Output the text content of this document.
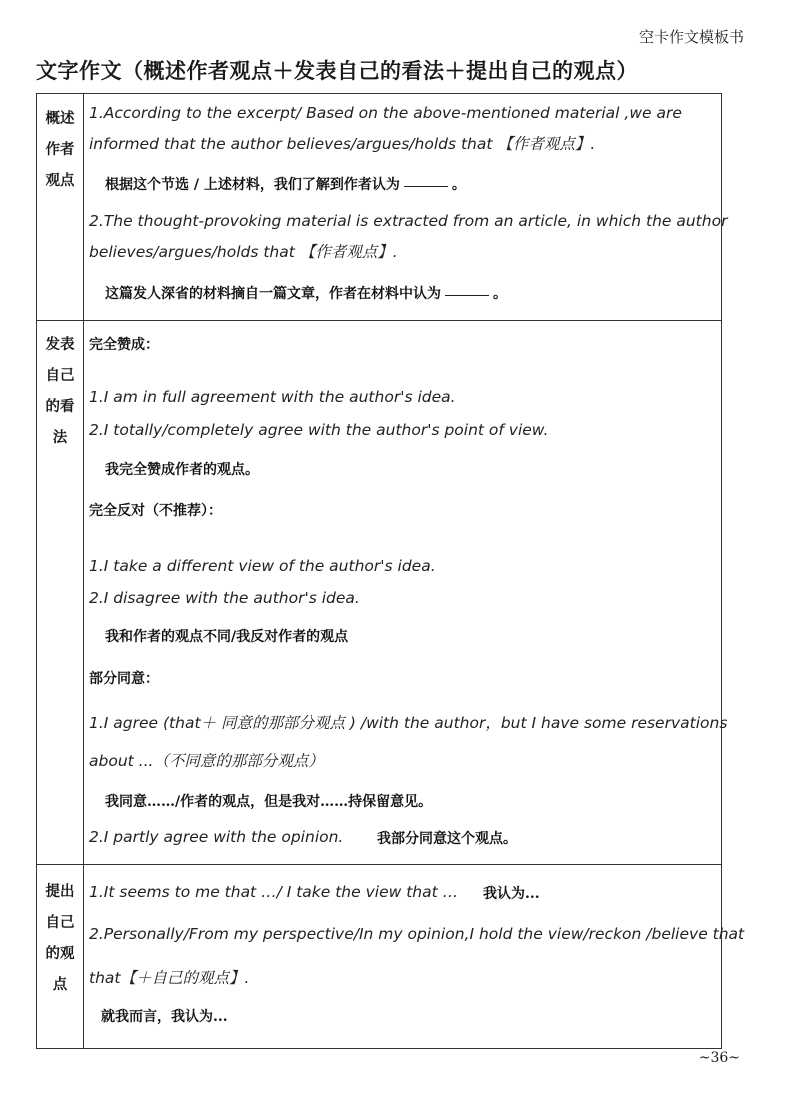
空卡作文模板书
文字作文（概述作者观点＋发表自己的看法＋提出自己的观点）
概述
作者
观点
1.According to the excerpt/ Based on the above-mentioned material ,we are
informed that the author believes/argues/holds that 【作者观点】.
根据这个节选 / 上述材料，我们了解到作者认为	。
2.The thought-provoking material is extracted from an article, in which the author
believes/argues/holds that 【作者观点】.
这篇发人深省的材料摘自一篇文章，作者在材料中认为	。
发表
自己
的看
法
完全赞成：
1.I am in full agreement with the author's idea.
2.I totally/completely agree with the author's point of view.
我完全赞成作者的观点。
完全反对（不推荐）：
1.I take a different view of the author's idea.
2.I disagree with the author's idea.
我和作者的观点不同/我反对作者的观点
部分同意：
1.I agree (that＋ 同意的那部分观点 ) /with the author，but I have some reservations
about ...（不同意的那部分观点）
我同意……/作者的观点，但是我对……持保留意见。
2.I partly agree with the opinion. 我部分同意这个观点。
提出
自己
的观
点
1.It seems to me that …/ I take the view that … 我认为...
2.Personally/From my perspective/In my opinion,I hold the view/reckon /believe that
that【＋自己的观点】.
就我而言，我认为...
~36~
